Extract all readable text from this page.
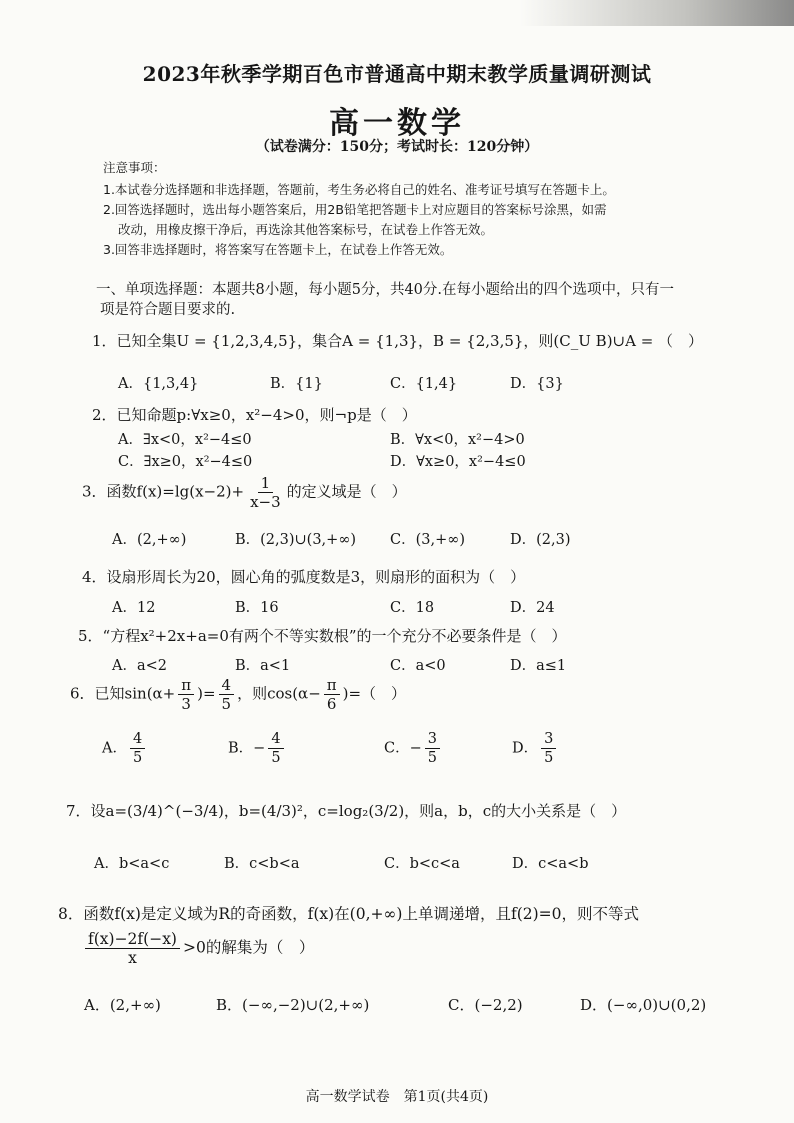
2023年秋季学期百色市普通高中期末教学质量调研测试
高一数学
（试卷满分：150分；考试时长：120分钟）
注意事项：
1.本试卷分选择题和非选择题，答题前，考生务必将自己的姓名、准考证号填写在答题卡上。
2.回答选择题时，选出每小题答案后，用2B铅笔把答题卡上对应题目的答案标号涂黑，如需
改动，用橡皮擦干净后，再选涂其他答案标号，在试卷上作答无效。
3.回答非选择题时，将答案写在答题卡上，在试卷上作答无效。
一、单项选择题：本题共8小题，每小题5分，共40分.在每小题给出的四个选项中，只有一
项是符合题目要求的.
1．已知全集U = {1,2,3,4,5}，集合A = {1,3}，B = {2,3,5}，则(C_U B)∪A = （　）
A．{1,3,4}	B．{1}	C．{1,4}	D．{3}
2．已知命题p:∀x≥0，x²−4>0，则¬p是（　）
A．∃x<0，x²−4≤0	B．∀x<0，x²−4>0
C．∃x≥0，x²−4≤0	D．∀x≥0，x²−4≤0
3．函数$f(x)=\lg(x-2)+ \frac{1}{x-3}$ 的定义域是（　）
A．(2,+∞)	B．(2,3)∪(3,+∞) C．(3,+∞)	D．(2,3)
4．设扇形周长为20，圆心角的弧度数是3，则扇形的面积为（　）
A．12	B．16	C．18	D．24
5．“方程x²+2x+a=0有两个不等实数根”的一个充分不必要条件是（　）
A．a<2	B．a<1	C．a<0	D．a≤1
6．已知$\sin(\alpha+ \frac{\pi}{3}$ )= $\frac{4}{5}$ ，则$\cos(\alpha- \frac{\pi}{6}$ )=（　）
A． $\frac{4}{5}$	B．− $\frac{4}{5}$	C．− $\frac{3}{5}$	D． $\frac{3}{5}$
7．设a=(3/4)^(−3/4)，b=(4/3)²，c=log₂(3/2)，则a，b，c的大小关系是（　）
A．b<a<c	B．c<b<a	C．b<c<a	D．c<a<b
8．函数f(x)是定义域为R的奇函数，f(x)在(0,+∞)上单调递增，且f(2)=0，则不等式
$\frac{f(x)-2f(-x)}{x} >0$的解集为（　）
A．(2,+∞)	B．(−∞,−2)∪(2,+∞)	C．(−2,2)	D．(−∞,0)∪(0,2)
高一数学试卷　第1页(共4页)
